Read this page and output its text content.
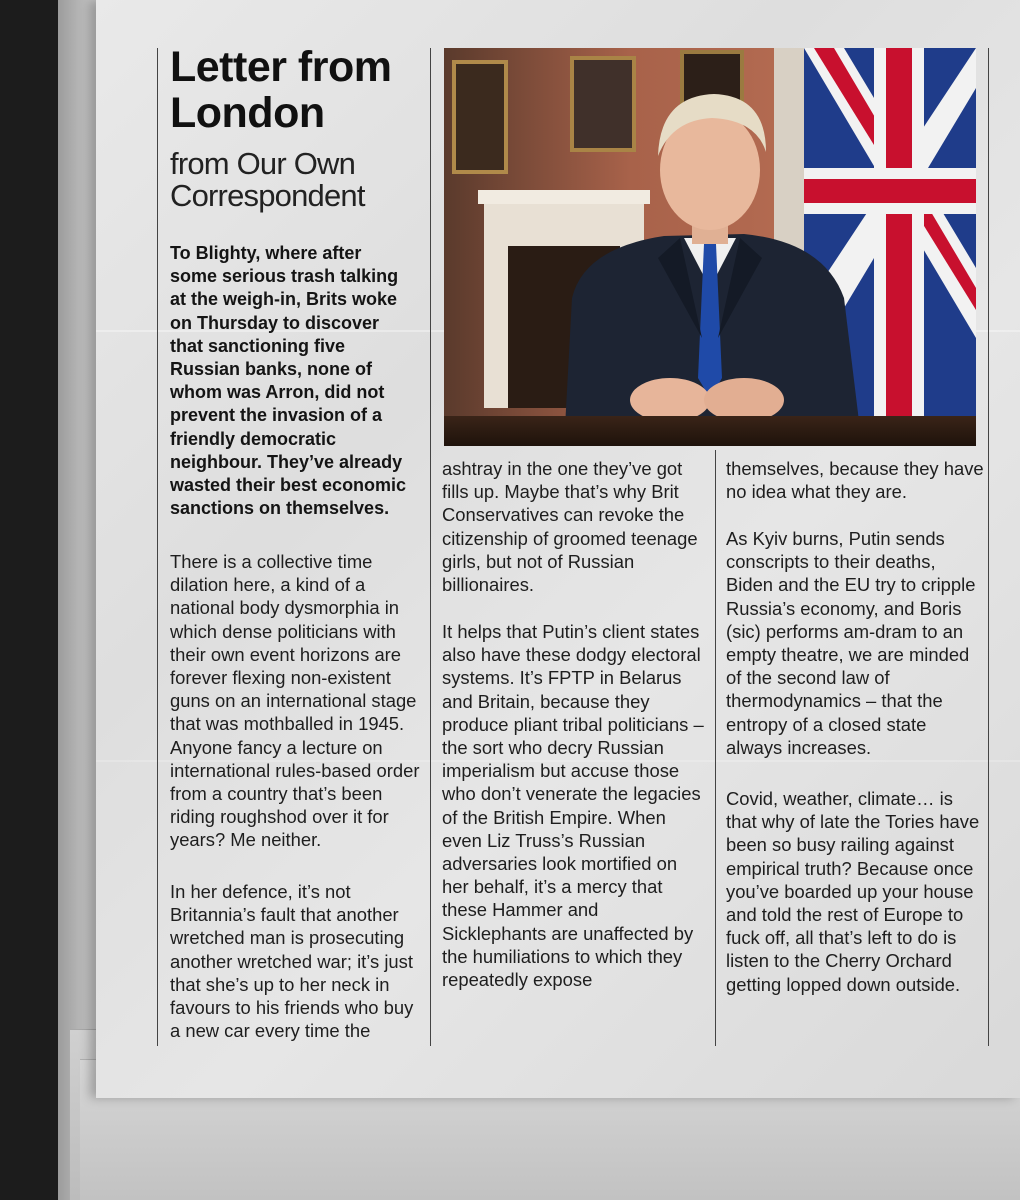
Letter from London
from Our Own Correspondent

To Blighty, where after some serious trash talking at the weigh-in, Brits woke on Thursday to discover that sanctioning five Russian banks, none of whom was Arron, did not prevent the invasion of a friendly democratic neighbour. They’ve already wasted their best economic sanctions on themselves.

There is a collective time dilation here, a kind of a national body dysmorphia in which dense politicians with their own event horizons are forever flexing non-existent guns on an international stage that was mothballed in 1945. Anyone fancy a lecture on international rules-based order from a country that’s been riding roughshod over it for years? Me neither.

In her defence, it’s not Britannia’s fault that another wretched man is prosecuting another wretched war; it’s just that she’s up to her neck in favours to his friends who buy a new car every time the

ashtray in the one they’ve got fills up. Maybe that’s why Brit Conservatives can revoke the citizenship of groomed teenage girls, but not of Russian billionaires.

It helps that Putin’s client states also have these dodgy electoral systems. It’s FPTP in Belarus and Britain, because they produce pliant tribal politicians – the sort who decry Russian imperialism but accuse those who don’t venerate the legacies of the British Empire. When even Liz Truss’s Russian adversaries look mortified on her behalf, it’s a mercy that these Hammer and Sicklephants are unaffected by the humiliations to which they repeatedly expose

themselves, because they have no idea what they are.

As Kyiv burns, Putin sends conscripts to their deaths, Biden and the EU try to cripple Russia’s economy, and Boris (sic) performs am-dram to an empty theatre, we are minded of the second law of thermodynamics – that the entropy of a closed state always increases.

Covid, weather, climate… is that why of late the Tories have been so busy railing against empirical truth? Because once you’ve boarded up your house and told the rest of Europe to fuck off, all that’s left to do is listen to the Cherry Orchard getting lopped down outside.
